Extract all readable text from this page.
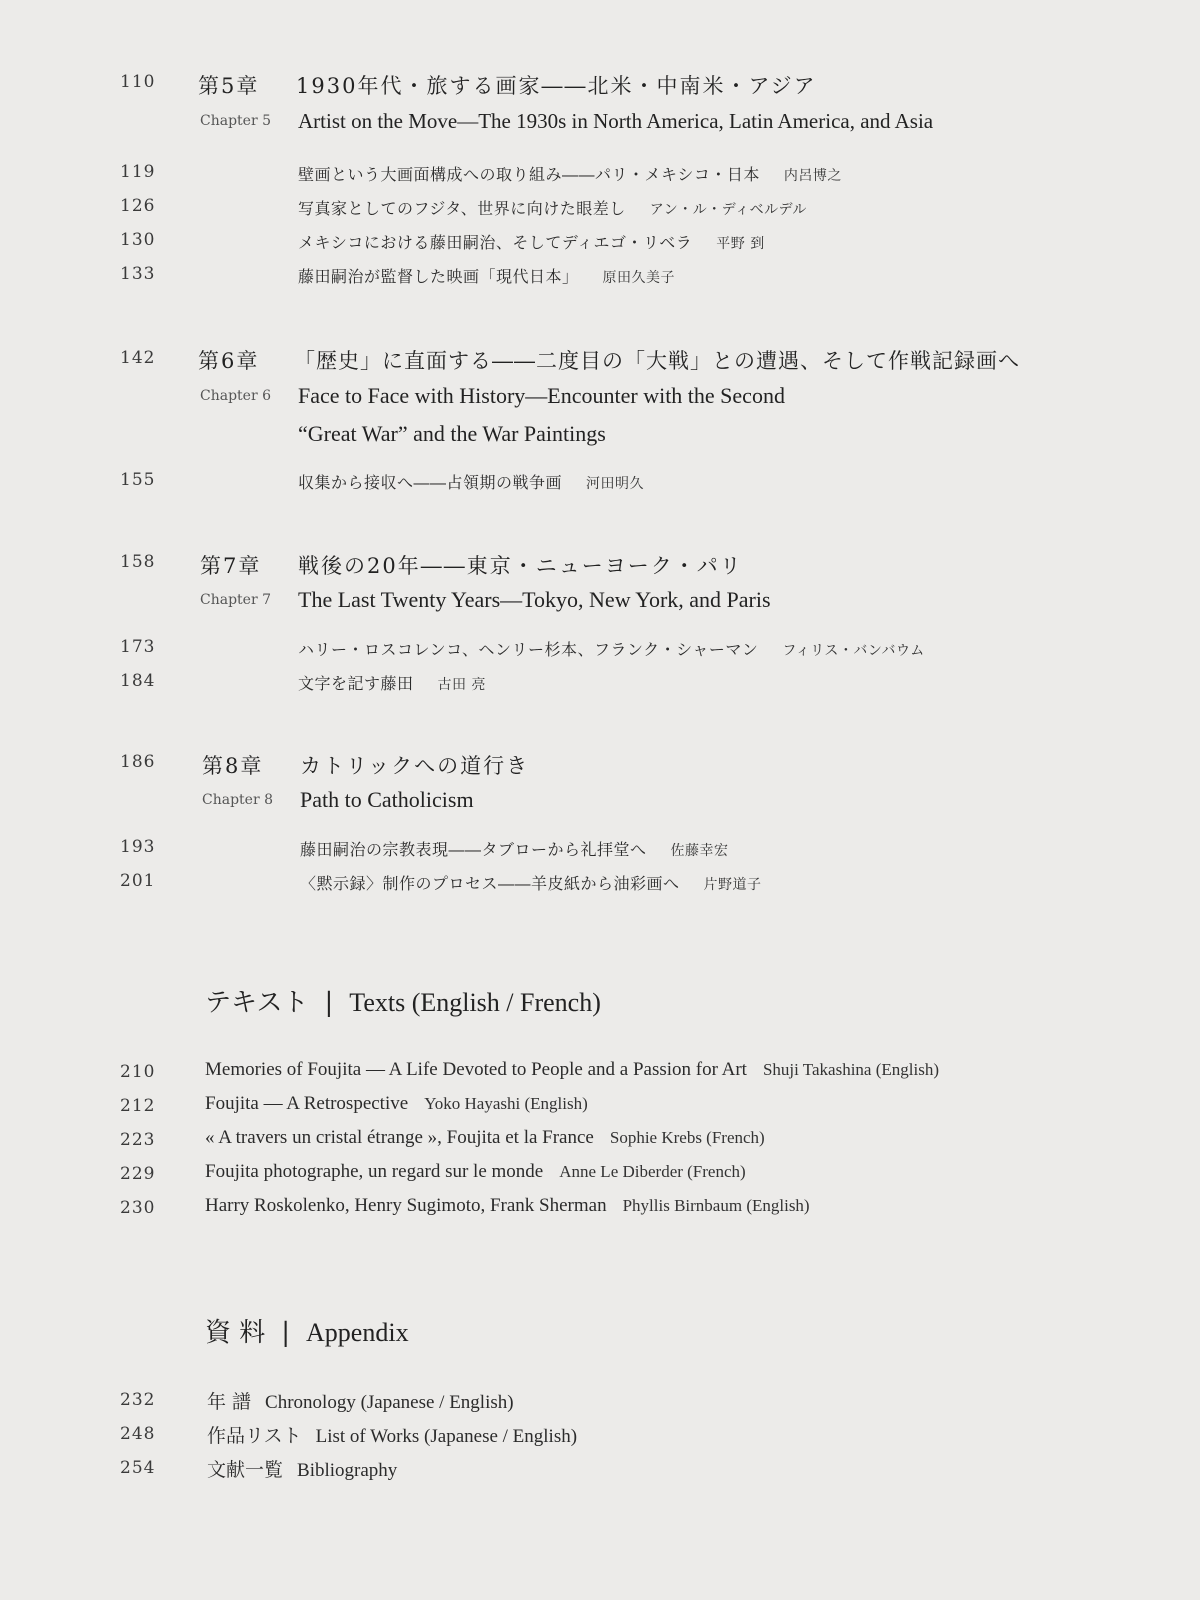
110	第5章 1930年代・旅する画家――北米・中南米・アジア
Chapter 5 Artist on the Move—The 1930s in North America, Latin America, and Asia
119	壁画という大画面構成への取り組み――パリ・メキシコ・日本 内呂博之
126	写真家としてのフジタ、世界に向けた眼差し アン・ル・ディベルデル
130	メキシコにおける藤田嗣治、そしてディエゴ・リベラ 平野 到
133	藤田嗣治が監督した映画「現代日本」 原田久美子
142	第6章 「歴史」に直面する――二度目の「大戦」との遭遇、そして作戦記録画へ
Chapter 6 Face to Face with History—Encounter with the Second
“Great War” and the War Paintings
155	収集から接収へ――占領期の戦争画 河田明久
158	第7章 戦後の20年――東京・ニューヨーク・パリ
Chapter 7 The Last Twenty Years—Tokyo, New York, and Paris
173	ハリー・ロスコレンコ、ヘンリー杉本、フランク・シャーマン フィリス・バンバウム
184	文字を記す藤田 古田 亮
186	第8章 カトリックへの道行き
Chapter 8 Path to Catholicism
193	藤田嗣治の宗教表現――タブローから礼拝堂へ 佐藤幸宏
201	〈黙示録〉制作のプロセス――羊皮紙から油彩画へ 片野道子
テキスト | Texts (English / French)
210	Memories of Foujita — A Life Devoted to People and a Passion for Art Shuji Takashina (English)
212	Foujita — A Retrospective Yoko Hayashi (English)
223	« A travers un cristal étrange », Foujita et la France Sophie Krebs (French)
229	Foujita photographe, un regard sur le monde Anne Le Diberder (French)
230	Harry Roskolenko, Henry Sugimoto, Frank Sherman Phyllis Birnbaum (English)
資 料 | Appendix
232	年 譜 Chronology (Japanese / English)
248	作品リスト List of Works (Japanese / English)
254	文献一覧 Bibliography
